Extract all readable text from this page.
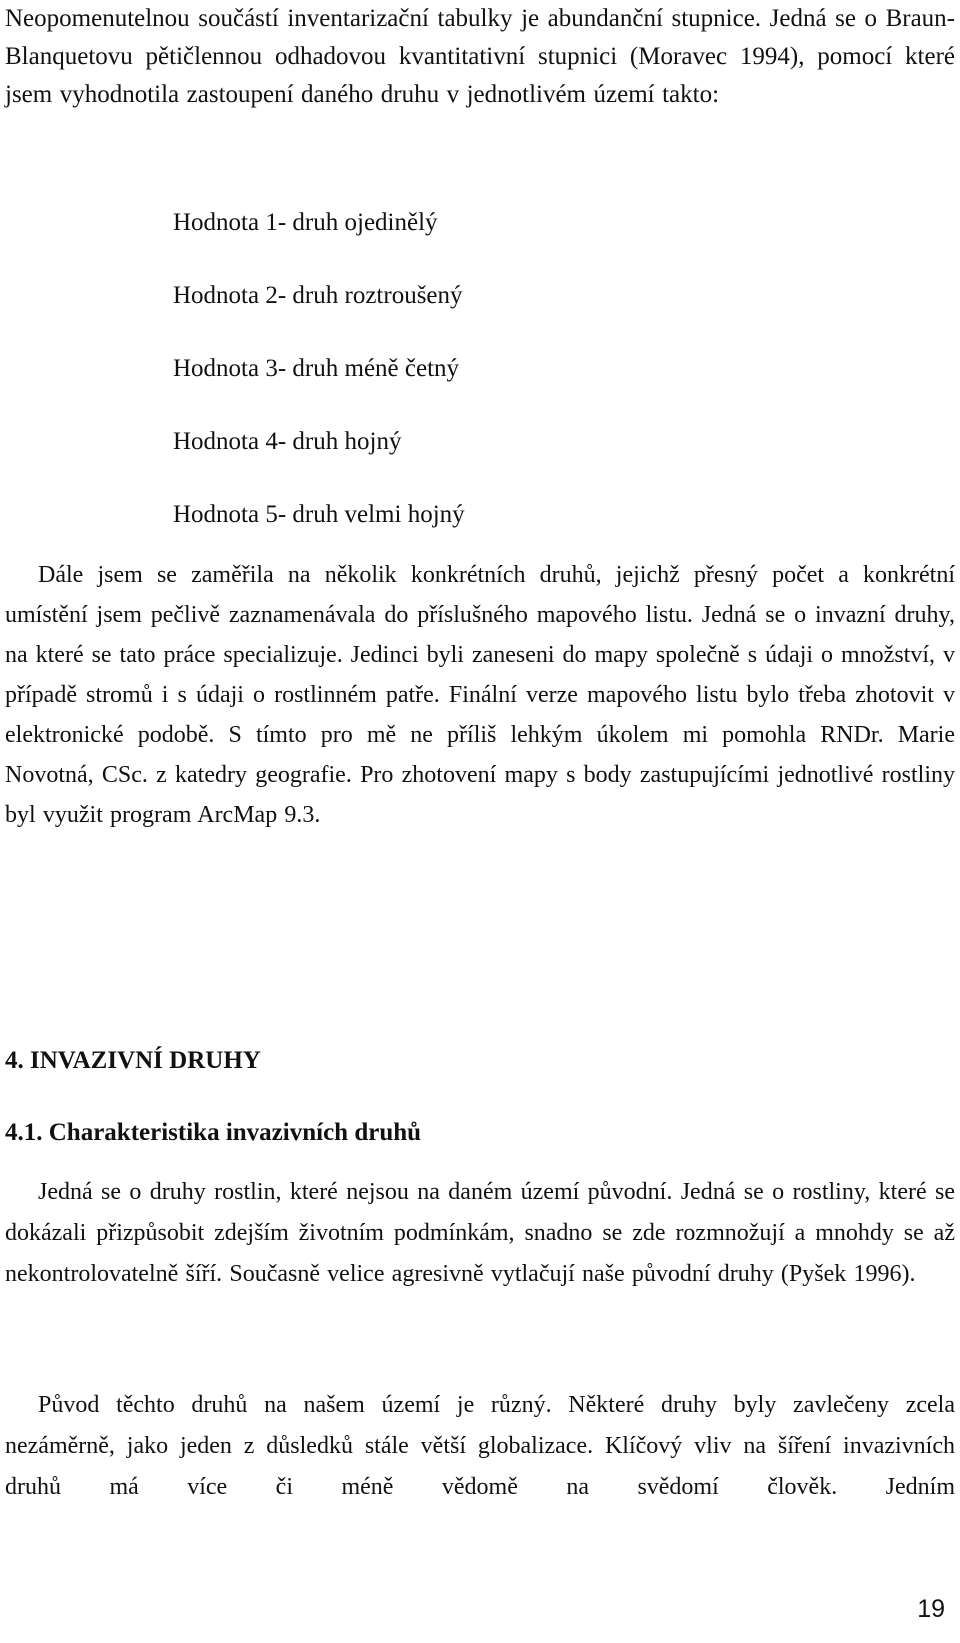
Neopomenutelnou součástí inventarizační tabulky je abundanční stupnice. Jedná se o Braun-Blanquetovu pětičlennou odhadovou kvantitativní stupnici (Moravec 1994), pomocí které jsem vyhodnotila zastoupení daného druhu v jednotlivém území takto:

Hodnota 1- druh ojedinělý
Hodnota 2- druh roztroušený
Hodnota 3- druh méně četný
Hodnota 4- druh hojný
Hodnota 5- druh velmi hojný

Dále jsem se zaměřila na několik konkrétních druhů, jejichž přesný počet a konkrétní umístění jsem pečlivě zaznamenávala do příslušného mapového listu. Jedná se o invazní druhy, na které se tato práce specializuje. Jedinci byli zaneseni do mapy společně s údaji o množství, v případě stromů i s údaji o rostlinném patře. Finální verze mapového listu bylo třeba zhotovit v elektronické podobě. S tímto pro mě ne příliš lehkým úkolem mi pomohla RNDr. Marie Novotná, CSc. z katedry geografie. Pro zhotovení mapy s body zastupujícími jednotlivé rostliny byl využit program ArcMap 9.3.

4. INVAZIVNÍ DRUHY
4.1. Charakteristika invazivních druhů

Jedná se o druhy rostlin, které nejsou na daném území původní. Jedná se o rostliny, které se dokázali přizpůsobit zdejším životním podmínkám, snadno se zde rozmnožují a mnohdy se až nekontrolovatelně šíří. Současně velice agresivně vytlačují naše původní druhy (Pyšek 1996).

Původ těchto druhů na našem území je různý. Některé druhy byly zavlečeny zcela nezáměrně, jako jeden z důsledků stále větší globalizace. Klíčový vliv na šíření invazivních druhů má více či méně vědomě na svědomí člověk. Jedním

19
